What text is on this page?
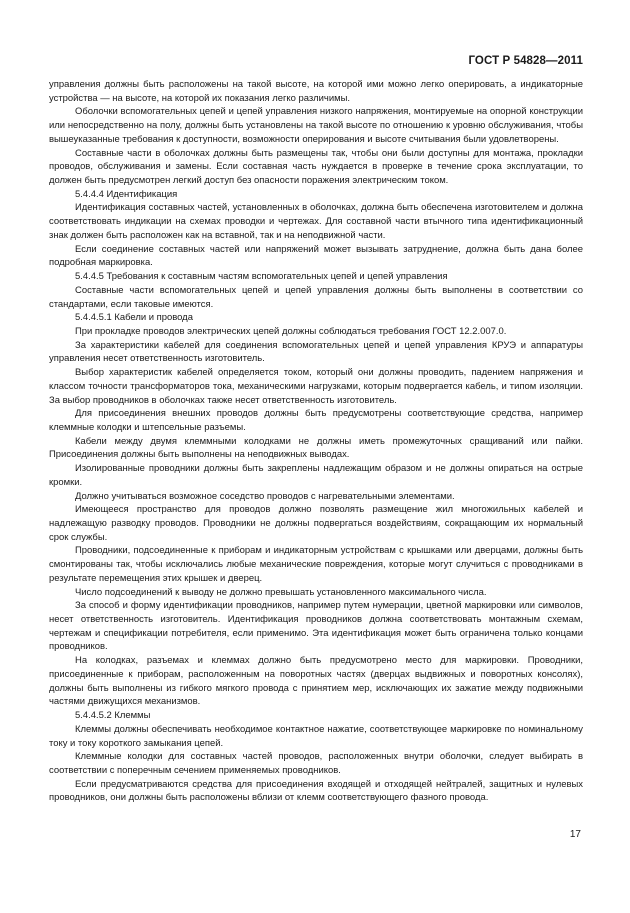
ГОСТ Р 54828—2011

управления должны быть расположены на такой высоте, на которой ими можно легко оперировать, а индикаторные устройства — на высоте, на которой их показания легко различимы.

Оболочки вспомогательных цепей и цепей управления низкого напряжения, монтируемые на опорной конструкции или непосредственно на полу, должны быть установлены на такой высоте по отношению к уровню обслуживания, чтобы вышеуказанные требования к доступности, возможности оперирования и высоте считывания были удовлетворены.

Составные части в оболочках должны быть размещены так, чтобы они были доступны для монтажа, прокладки проводов, обслуживания и замены. Если составная часть нуждается в проверке в течение срока эксплуатации, то должен быть предусмотрен легкий доступ без опасности поражения электрическим током.

5.4.4.4 Идентификация

Идентификация составных частей, установленных в оболочках, должна быть обеспечена изготовителем и должна соответствовать индикации на схемах проводки и чертежах. Для составной части втычного типа идентификационный знак должен быть расположен как на вставной, так и на неподвижной части.

Если соединение составных частей или напряжений может вызывать затруднение, должна быть дана более подробная маркировка.

5.4.4.5 Требования к составным частям вспомогательных цепей и цепей управления

Составные части вспомогательных цепей и цепей управления должны быть выполнены в соответствии со стандартами, если таковые имеются.

5.4.4.5.1 Кабели и провода

При прокладке проводов электрических цепей должны соблюдаться требования ГОСТ 12.2.007.0.

За характеристики кабелей для соединения вспомогательных цепей и цепей управления КРУЭ и аппаратуры управления несет ответственность изготовитель.

Выбор характеристик кабелей определяется током, который они должны проводить, падением напряжения и классом точности трансформаторов тока, механическими нагрузками, которым подвергается кабель, и типом изоляции. За выбор проводников в оболочках также несет ответственность изготовитель.

Для присоединения внешних проводов должны быть предусмотрены соответствующие средства, например клеммные колодки и штепсельные разъемы.

Кабели между двумя клеммными колодками не должны иметь промежуточных сращиваний или пайки. Присоединения должны быть выполнены на неподвижных выводах.

Изолированные проводники должны быть закреплены надлежащим образом и не должны опираться на острые кромки.

Должно учитываться возможное соседство проводов с нагревательными элементами.

Имеющееся пространство для проводов должно позволять размещение жил многожильных кабелей и надлежащую разводку проводов. Проводники не должны подвергаться воздействиям, сокращающим их нормальный срок службы.

Проводники, подсоединенные к приборам и индикаторным устройствам с крышками или дверцами, должны быть смонтированы так, чтобы исключались любые механические повреждения, которые могут случиться с проводниками в результате перемещения этих крышек и дверец.

Число подсоединений к выводу не должно превышать установленного максимального числа.

За способ и форму идентификации проводников, например путем нумерации, цветной маркировки или символов, несет ответственность изготовитель. Идентификация проводников должна соответствовать монтажным схемам, чертежам и спецификации потребителя, если применимо. Эта идентификация может быть ограничена только концами проводников.

На колодках, разъемах и клеммах должно быть предусмотрено место для маркировки. Проводники, присоединенные к приборам, расположенным на поворотных частях (дверцах выдвижных и поворотных консолях), должны быть выполнены из гибкого мягкого провода с принятием мер, исключающих их зажатие между подвижными частями движущихся механизмов.

5.4.4.5.2 Клеммы

Клеммы должны обеспечивать необходимое контактное нажатие, соответствующее маркировке по номинальному току и току короткого замыкания цепей.

Клеммные колодки для составных частей проводов, расположенных внутри оболочки, следует выбирать в соответствии с поперечным сечением применяемых проводников.

Если предусматриваются средства для присоединения входящей и отходящей нейтралей, защитных и нулевых проводников, они должны быть расположены вблизи от клемм соответствующего фазного провода.

17
